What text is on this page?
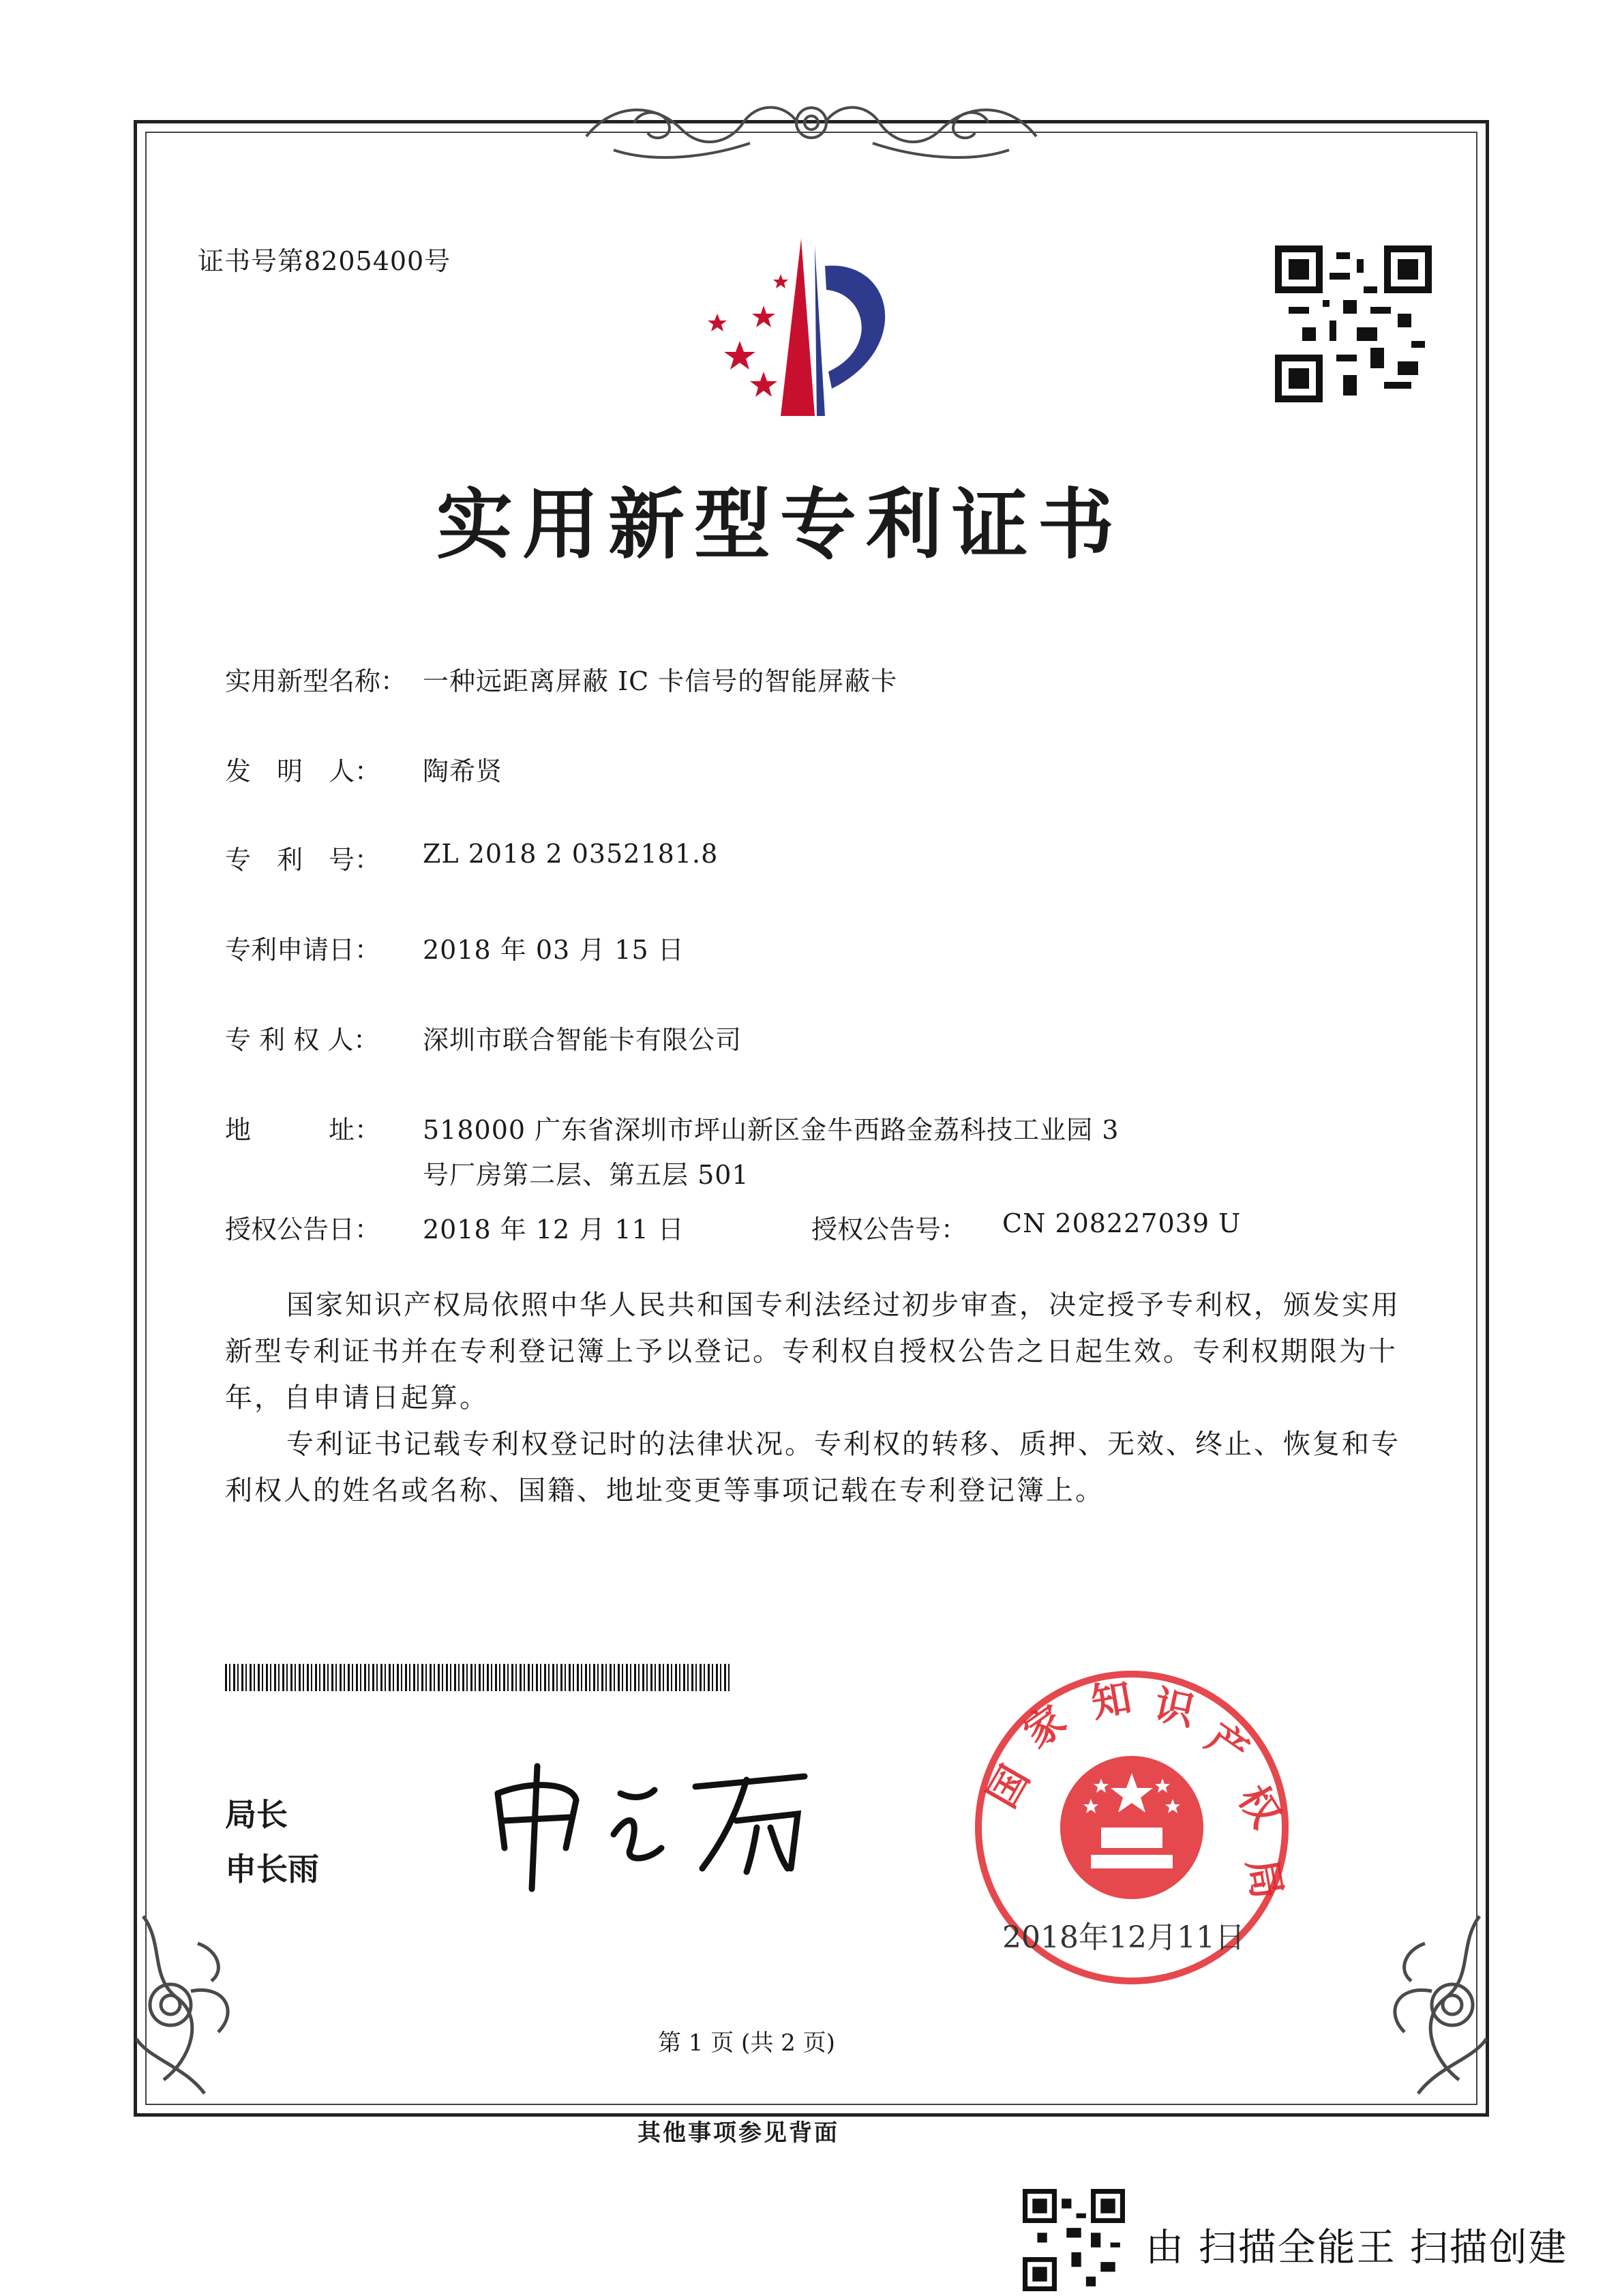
证书号第8205400号
实用新型专利证书
实用新型名称： 一种远距离屏蔽 IC 卡信号的智能屏蔽卡
发　明　人： 陶希贤
专　利　号： ZL 2018 2 0352181.8
专利申请日： 2018 年 03 月 15 日
专 利 权 人： 深圳市联合智能卡有限公司
地　　　址： 518000 广东省深圳市坪山新区金牛西路金荔科技工业园 3
号厂房第二层、第五层 501
授权公告日： 2018 年 12 月 11 日	授权公告号： CN 208227039 U
国家知识产权局依照中华人民共和国专利法经过初步审查，决定授予专利权，颁发实用
新型专利证书并在专利登记簿上予以登记。专利权自授权公告之日起生效。专利权期限为十
年，自申请日起算。
专利证书记载专利权登记时的法律状况。专利权的转移、质押、无效、终止、恢复和专
利权人的姓名或名称、国籍、地址变更等事项记载在专利登记簿上。
局长
申长雨
国
家 知 识
产
权
局
2018年12月11日
第 1 页 (共 2 页)
其他事项参见背面
由 扫描全能王 扫描创建
